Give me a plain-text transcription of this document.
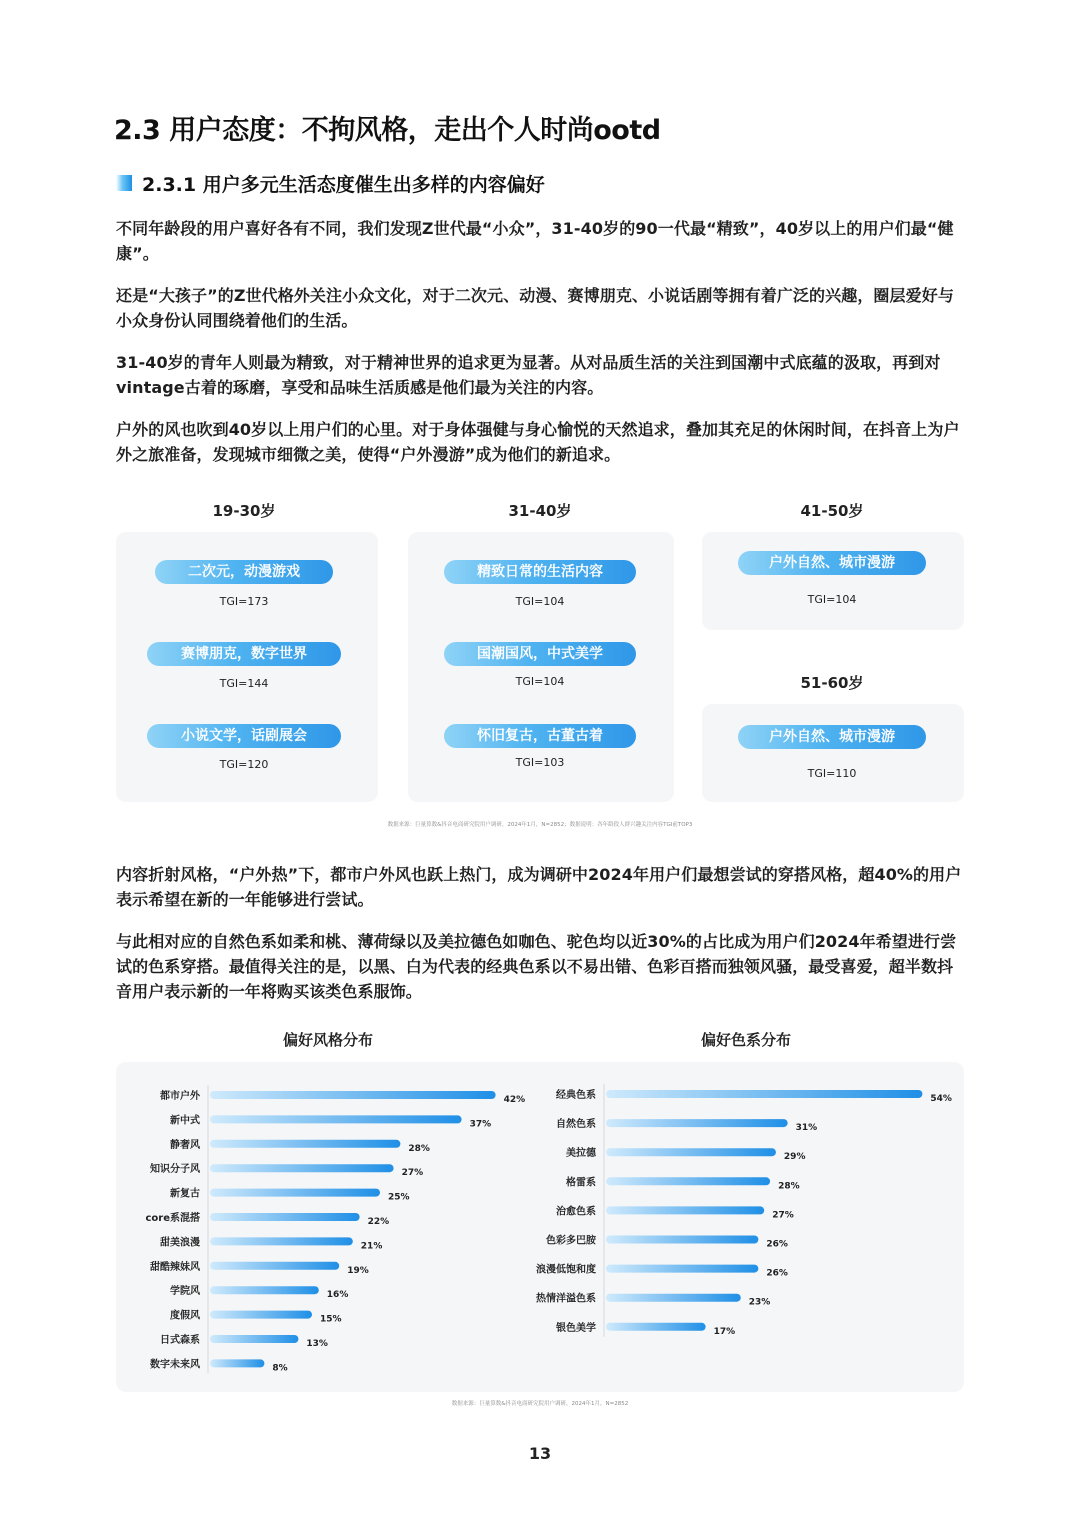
2.3 用户态度：不拘风格，走出个人时尚ootd
2.3.1 用户多元生活态度催生出多样的内容偏好
不同年龄段的用户喜好各有不同，我们发现Z世代最“小众”，31-40岁的90一代最“精致”，40岁以上的用户们最“健康”。
还是“大孩子”的Z世代格外关注小众文化，对于二次元、动漫、赛博朋克、小说话剧等拥有着广泛的兴趣，圈层爱好与小众身份认同围绕着他们的生活。
31-40岁的青年人则最为精致，对于精神世界的追求更为显著。从对品质生活的关注到国潮中式底蕴的汲取，再到对vintage古着的琢磨，享受和品味生活质感是他们最为关注的内容。
户外的风也吹到40岁以上用户们的心里。对于身体强健与身心愉悦的天然追求，叠加其充足的休闲时间，在抖音上为户外之旅准备，发现城市细微之美，使得“户外漫游”成为他们的新追求。
19-30岁	31-40岁	41-50岁
51-60岁
二次元，动漫游戏
TGI=173
赛博朋克，数字世界
TGI=144
小说文学，话剧展会
TGI=120
精致日常的生活内容
TGI=104
国潮国风，中式美学
TGI=104
怀旧复古，古董古着
TGI=103
户外自然、城市漫游
TGI=104
户外自然、城市漫游
TGI=110
数据来源：巨量算数&抖音电商研究院用户调研，2024年1月，N=2852；数据说明：各年龄段人群兴趣关注内容TGI前TOP3
内容折射风格，“户外热”下，都市户外风也跃上热门，成为调研中2024年用户们最想尝试的穿搭风格，超40%的用户表示希望在新的一年能够进行尝试。
与此相对应的自然色系如柔和桃、薄荷绿以及美拉德色如咖色、驼色均以近30%的占比成为用户们2024年希望进行尝试的色系穿搭。最值得关注的是，以黑、白为代表的经典色系以不易出错、色彩百搭而独领风骚，最受喜爱，超半数抖音用户表示新的一年将购买该类色系服饰。
偏好风格分布	偏好色系分布
都市户外	42%
新中式	37%
静奢风	28%
知识分子风	27%
新复古	25%
core系混搭	22%
甜美浪漫	21%
甜酷辣妹风	19%
学院风	16%
度假风	15%
日式森系	13%
数字未来风	8%
经典色系	54%
自然色系	31%
美拉德	29%
格雷系	28%
治愈色系	27%
色彩多巴胺	26%
浪漫低饱和度	26%
热情洋溢色系	23%
银色美学	17%
数据来源：巨量算数&抖音电商研究院用户调研，2024年1月，N=2852
13
